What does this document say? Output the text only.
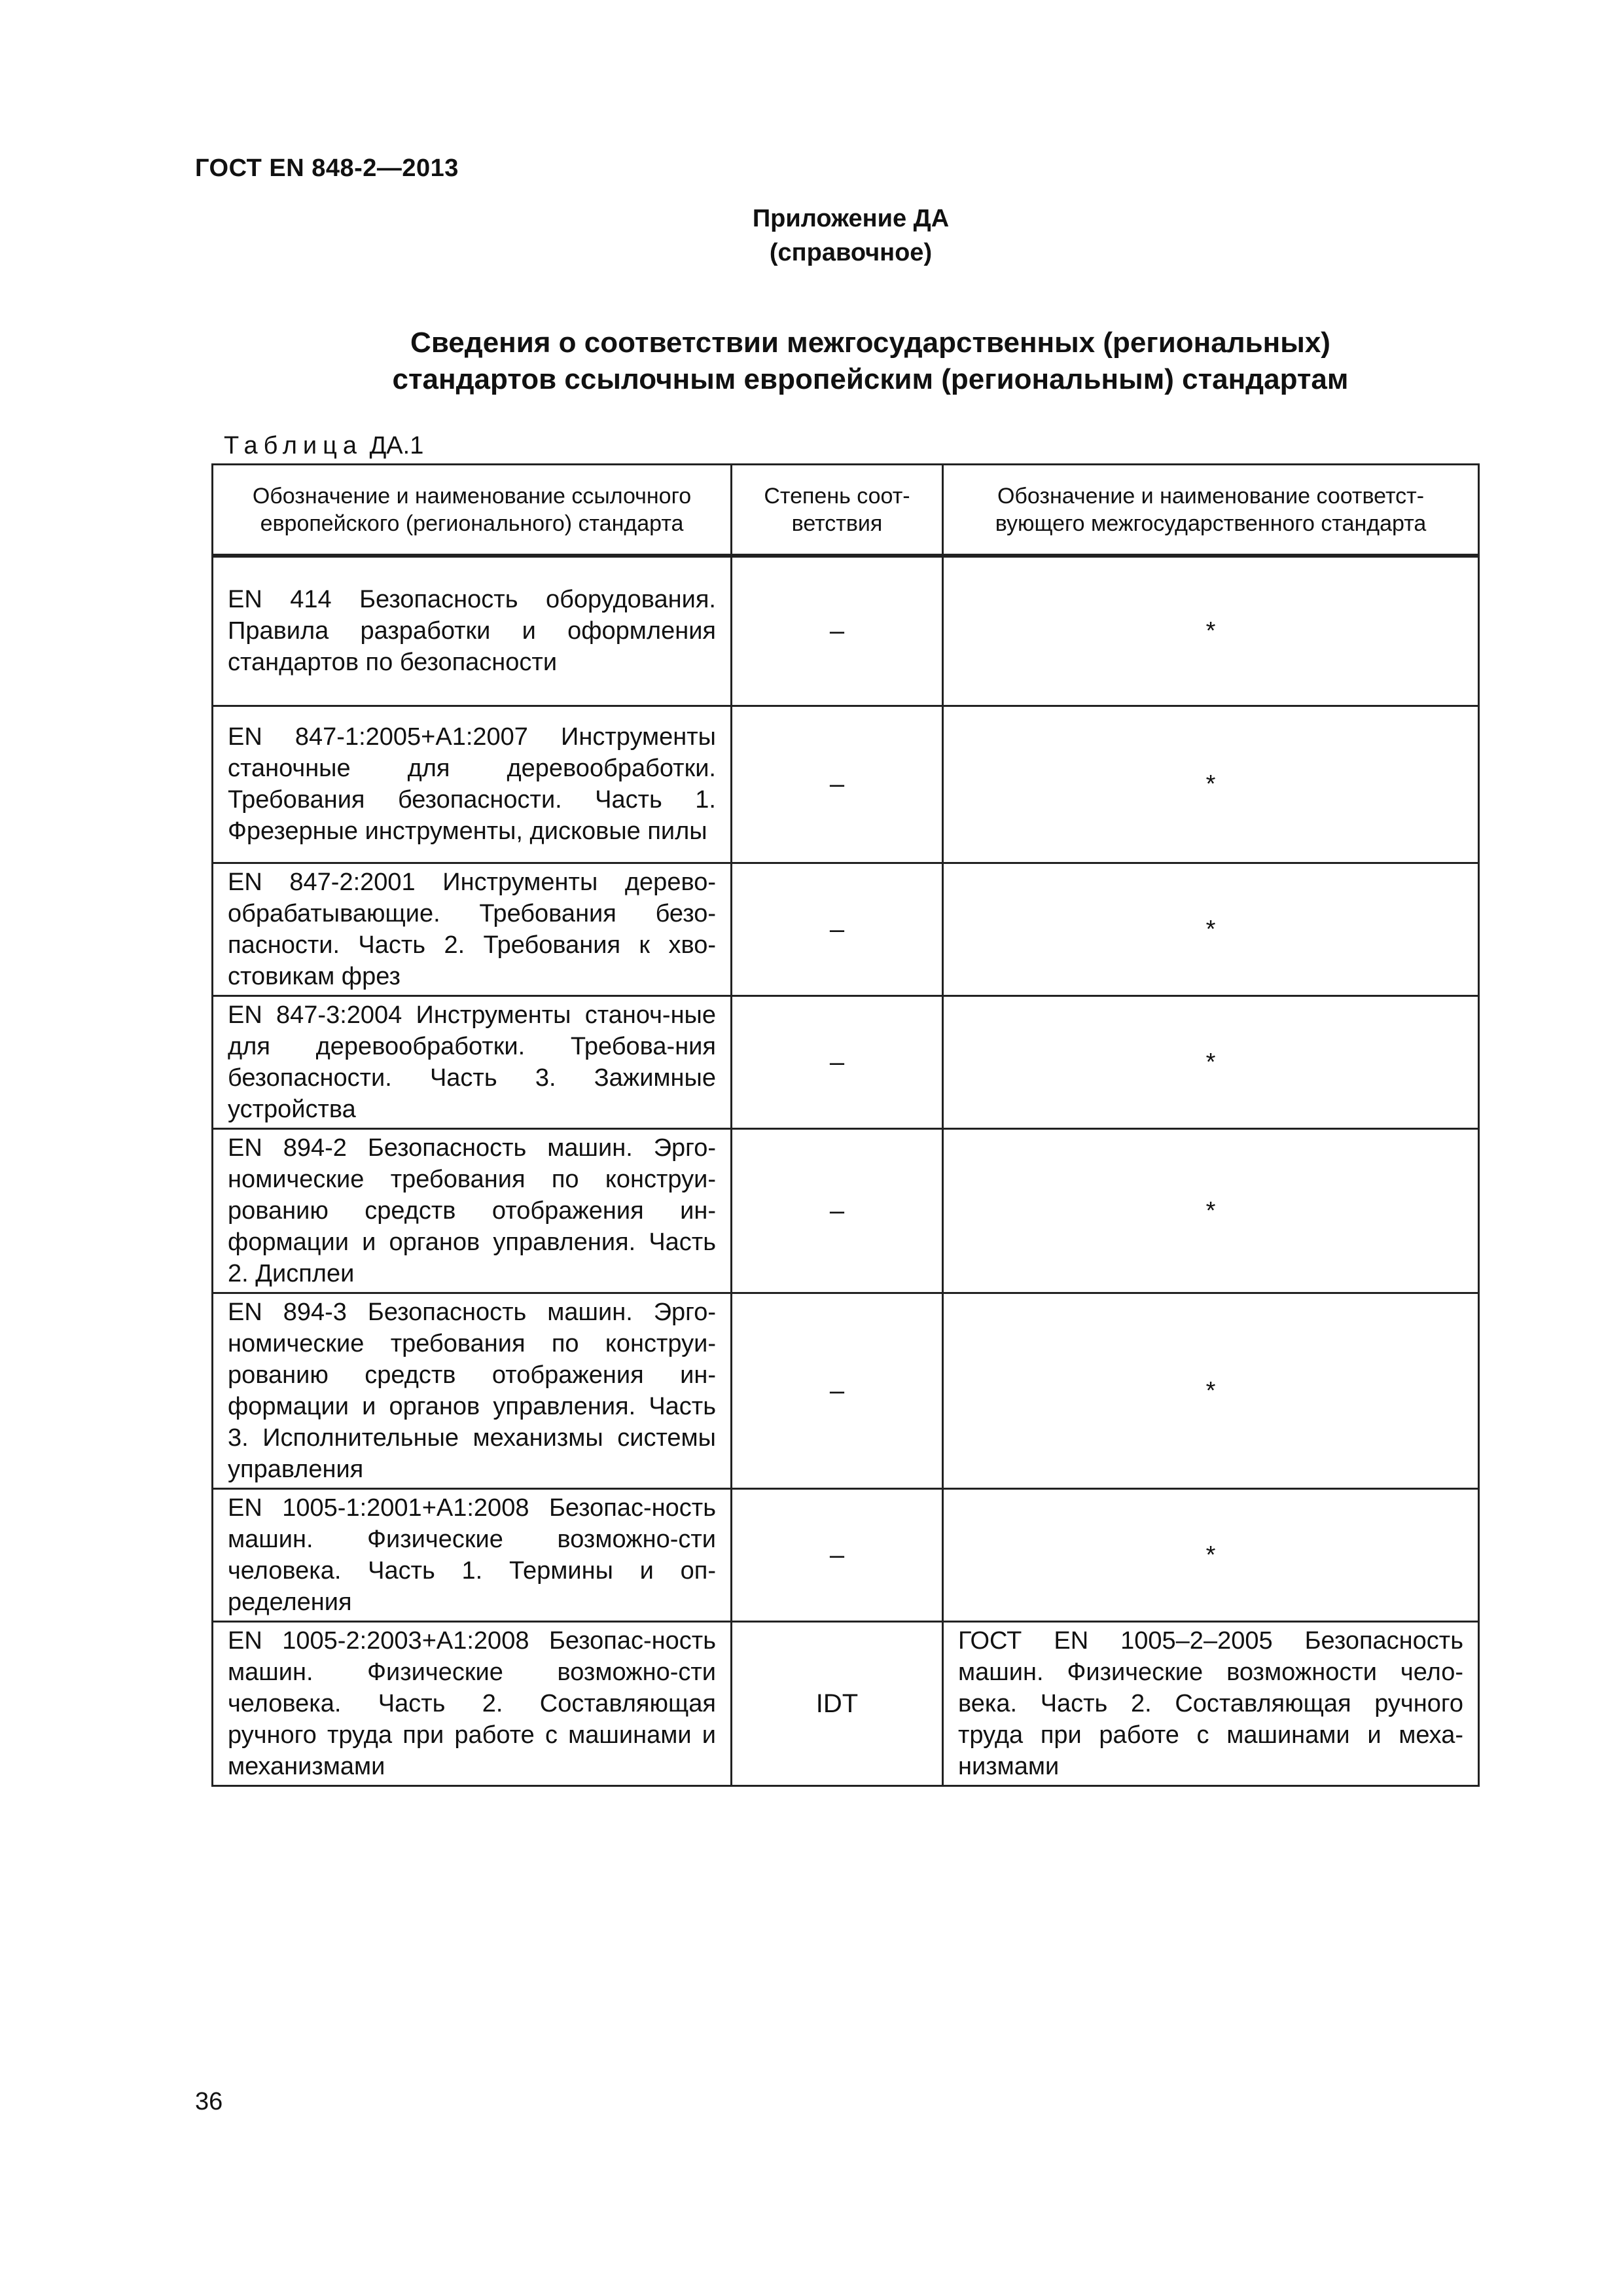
ГОСТ EN 848-2—2013
Приложение ДА
(справочное)
Сведения о соответствии межгосударственных (региональных)
стандартов ссылочным европейским (региональным) стандартам
Таблица ДА.1
Обозначение и наименование ссылочного европейского (регионального) стандарта	Степень соот-ветствия	Обозначение и наименование соответст-вующего межгосударственного стандарта
EN 414 Безопасность оборудования. Правила разработки и оформления стандартов по безопасности	–	*
EN 847-1:2005+A1:2007 Инструменты станочные для деревообработки. Требования безопасности. Часть 1. Фрезерные инструменты, дисковые пилы	–	*
EN 847-2:2001 Инструменты дерево-обрабатывающие. Требования безо-пасности. Часть 2. Требования к хво-стовикам фрез	–	*
EN 847-3:2004 Инструменты станоч-ные для деревообработки. Требова-ния безопасности. Часть 3. Зажимные устройства	–	*
EN 894-2 Безопасность машин. Эрго-номические требования по конструи-рованию средств отображения ин-формации и органов управления. Часть 2. Дисплеи	–	*
EN 894-3 Безопасность машин. Эрго-номические требования по конструи-рованию средств отображения ин-формации и органов управления. Часть 3. Исполнительные механизмы системы управления	–	*
EN 1005-1:2001+A1:2008 Безопас-ность машин. Физические возможно-сти человека. Часть 1. Термины и оп-ределения	–	*
EN 1005-2:2003+A1:2008 Безопас-ность машин. Физические возможно-сти человека. Часть 2. Составляющая ручного труда при работе с машинами и механизмами	IDT	ГОСТ EN 1005–2–2005 Безопасность машин. Физические возможности чело-века. Часть 2. Составляющая ручного труда при работе с машинами и меха-низмами
36
